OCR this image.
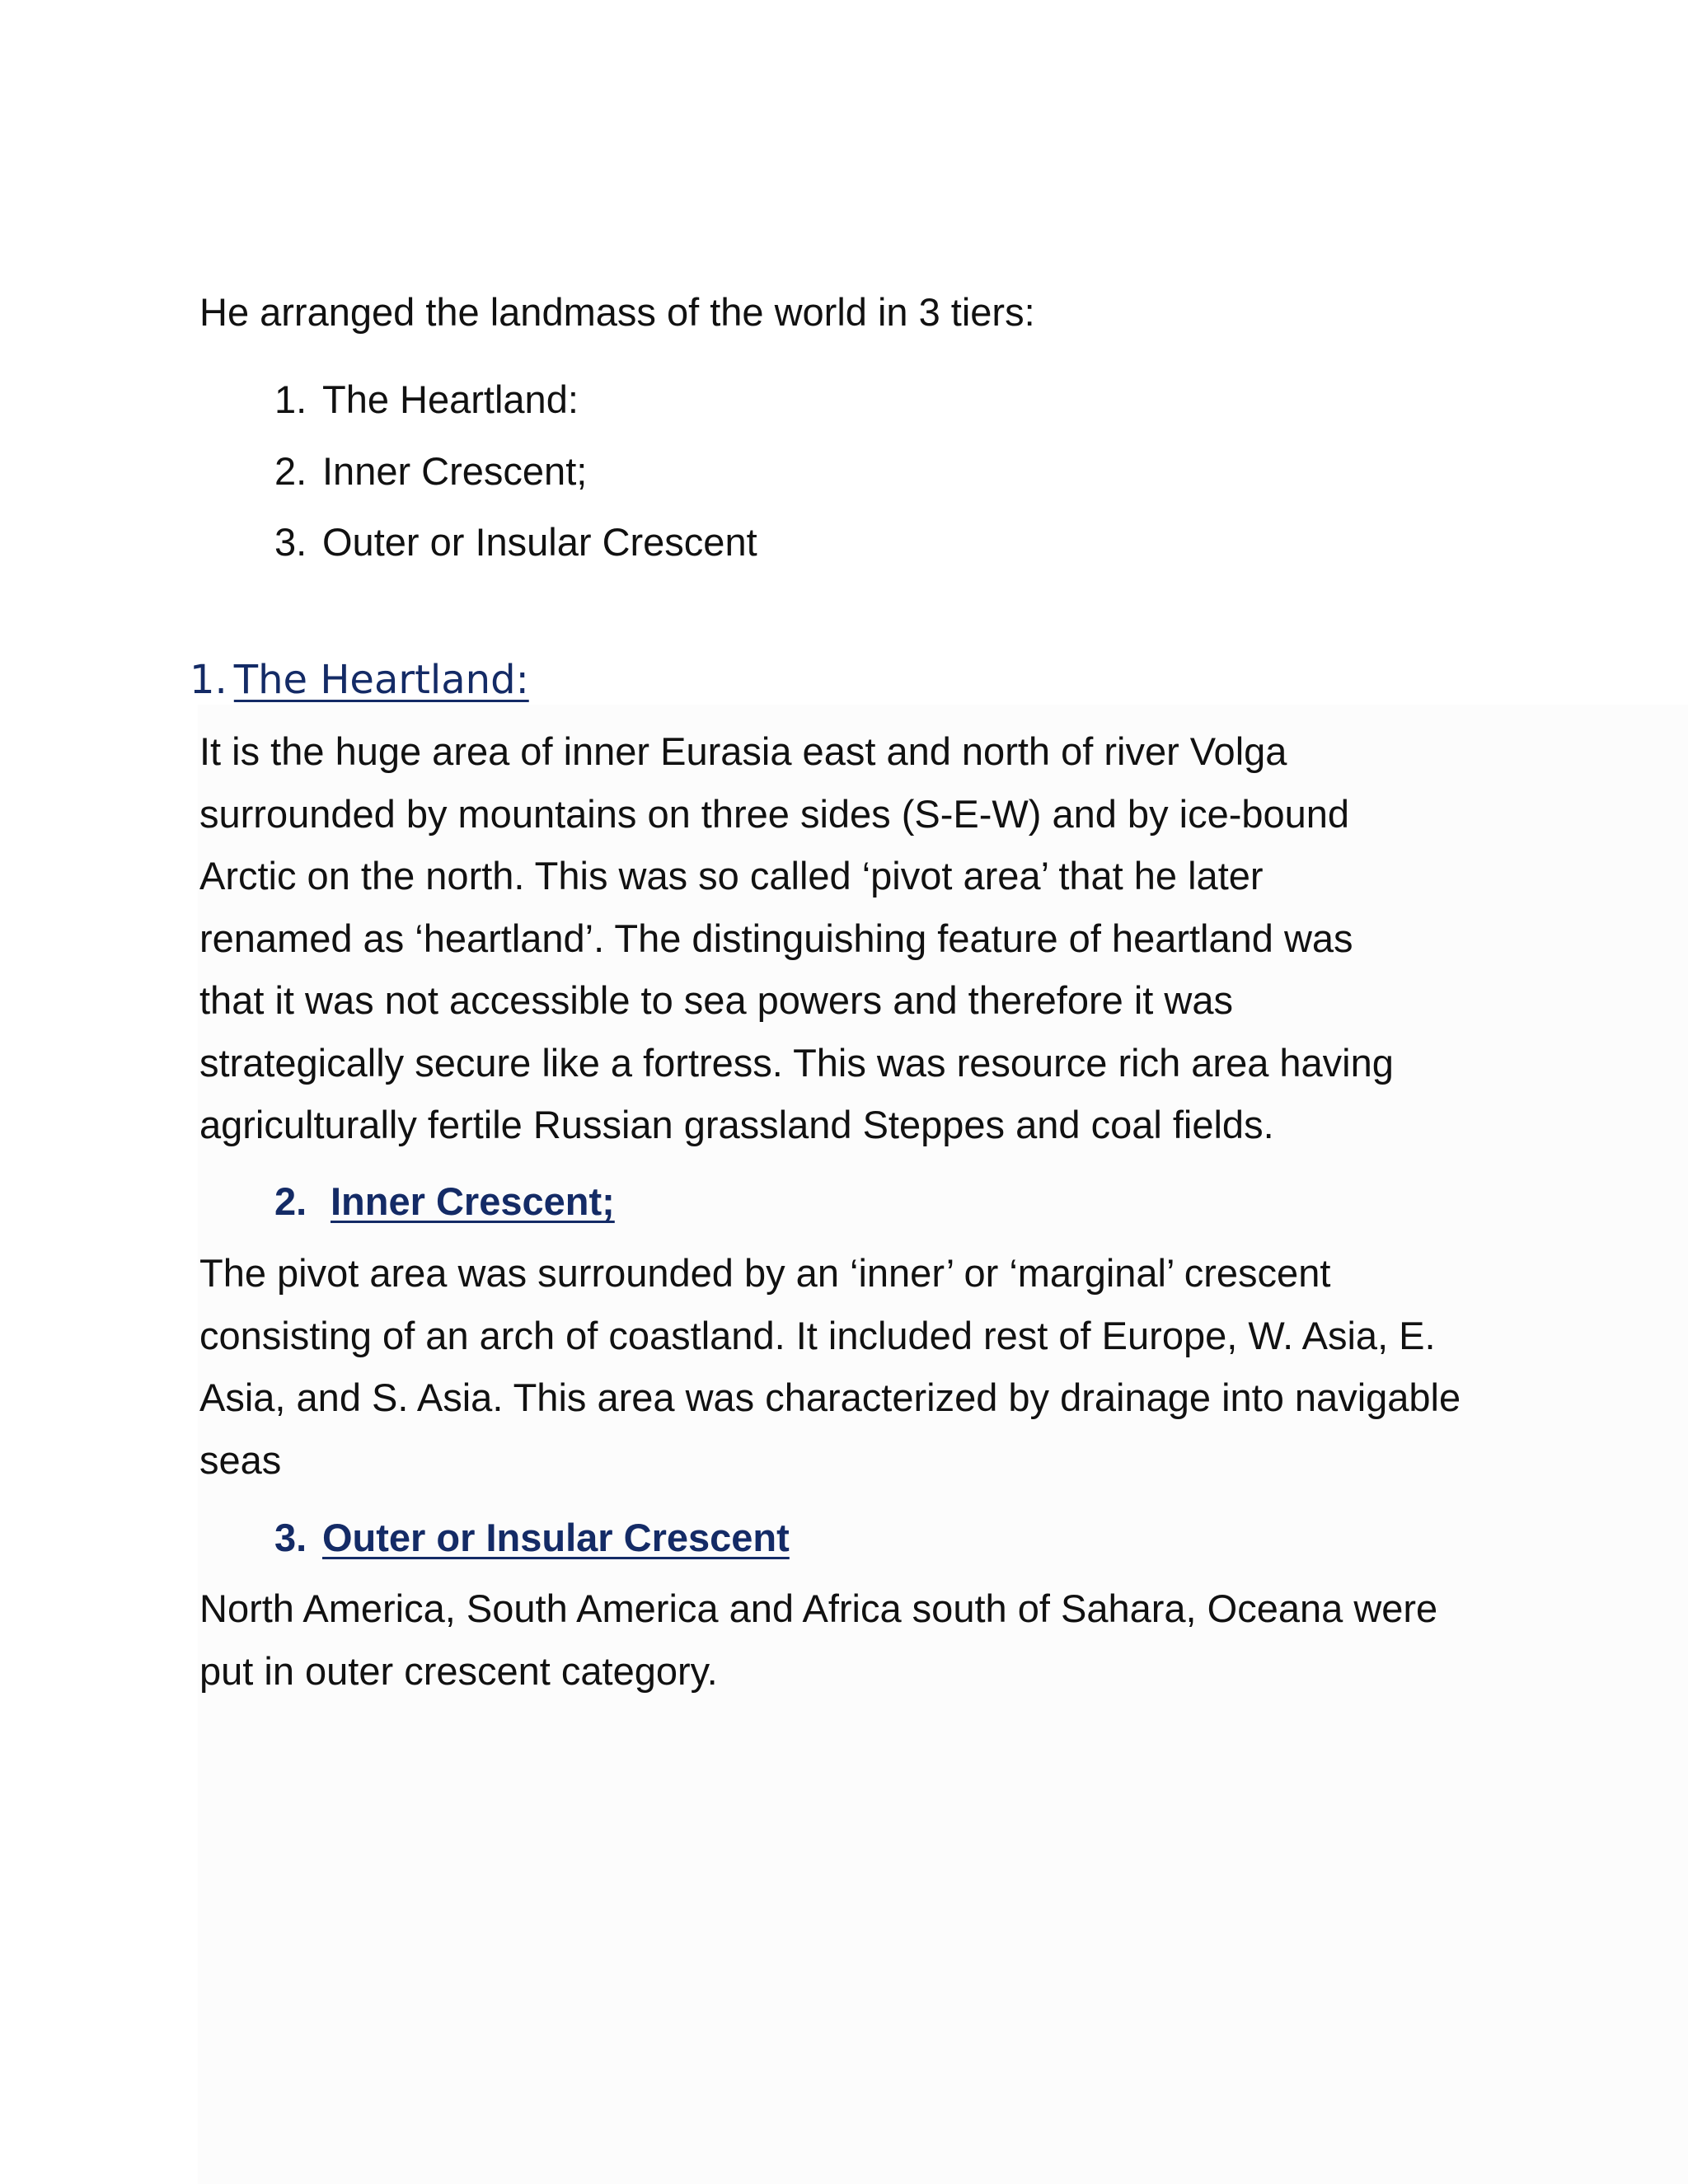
He arranged the landmass of the world in 3 tiers:
1. The Heartland:
2. Inner Crescent;
3. Outer or Insular Crescent
1. The Heartland:
It is the huge area of inner Eurasia east and north of river Volga
surrounded by mountains on three sides (S-E-W) and by ice-bound
Arctic on the north. This was so called ‘pivot area’ that he later
renamed as ‘heartland’. The distinguishing feature of heartland was
that it was not accessible to sea powers and therefore it was
strategically secure like a fortress. This was resource rich area having
agriculturally fertile Russian grassland Steppes and coal fields.
2. Inner Crescent;
The pivot area was surrounded by an ‘inner’ or ‘marginal’ crescent
consisting of an arch of coastland. It included rest of Europe, W. Asia, E.
Asia, and S. Asia. This area was characterized by drainage into navigable
seas
3. Outer or Insular Crescent
North America, South America and Africa south of Sahara, Oceana were
put in outer crescent category.
